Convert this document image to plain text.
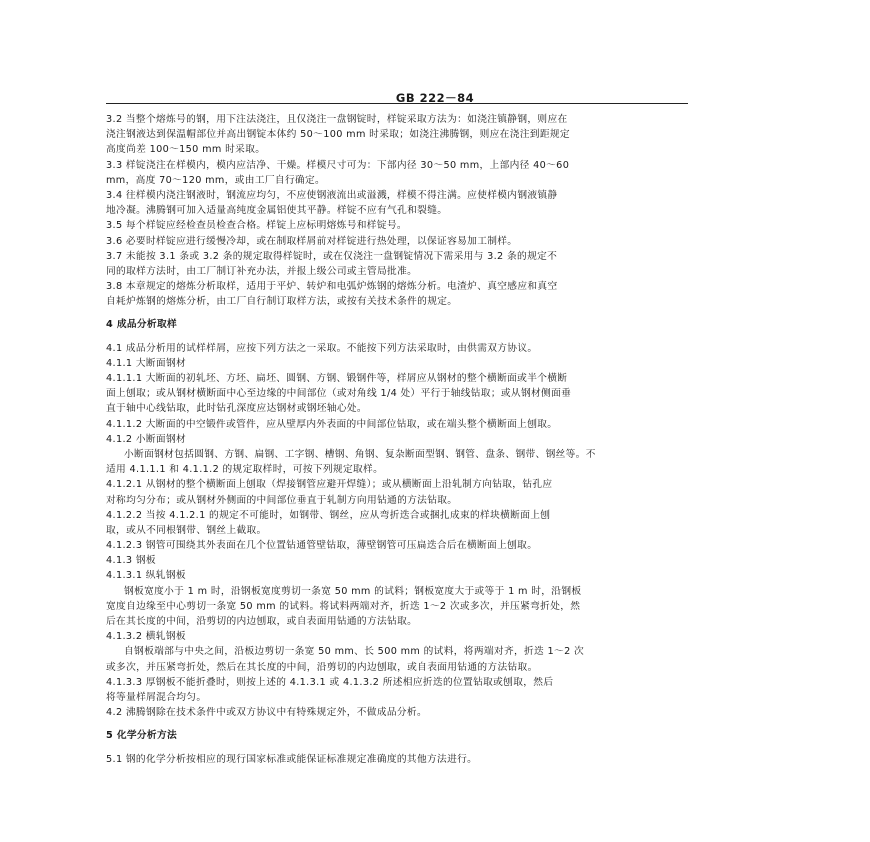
GB 222－84
3.2 当整个熔炼号的钢，用下注法浇注，且仅浇注一盘钢锭时，样锭采取方法为：如浇注镇静钢，则应在
浇注钢液达到保温帽部位并高出钢锭本体约 50～100 mm 时采取；如浇注沸腾钢，则应在浇注到距规定
高度尚差 100～150 mm 时采取。
3.3 样锭浇注在样模内，模内应洁净、干燥。样模尺寸可为：下部内径 30～50 mm，上部内径 40～60
mm，高度 70～120 mm，或由工厂自行确定。
3.4 往样模内浇注钢液时，钢流应均匀，不应使钢液流出或溢溅，样模不得注满。应使样模内钢液镇静
地冷凝。沸腾钢可加入适量高纯度金属铝使其平静。样锭不应有气孔和裂缝。
3.5 每个样锭应经检查员检查合格。样锭上应标明熔炼号和样锭号。
3.6 必要时样锭应进行缓慢冷却，或在制取样屑前对样锭进行热处理，以保证容易加工制样。
3.7 未能按 3.1 条或 3.2 条的规定取得样锭时，或在仅浇注一盘钢锭情况下需采用与 3.2 条的规定不
同的取样方法时，由工厂制订补充办法，并报上级公司或主管局批准。
3.8 本章规定的熔炼分析取样，适用于平炉、转炉和电弧炉炼钢的熔炼分析。电渣炉、真空感应和真空
自耗炉炼钢的熔炼分析，由工厂自行制订取样方法，或按有关技术条件的规定。
4 成品分析取样
4.1 成品分析用的试样样屑，应按下列方法之一采取。不能按下列方法采取时，由供需双方协议。
4.1.1 大断面钢材
4.1.1.1 大断面的初轧坯、方坯、扁坯、圆钢、方钢、锻钢件等，样屑应从钢材的整个横断面或半个横断
面上刨取；或从钢材横断面中心至边缘的中间部位（或对角线 1/4 处）平行于轴线钻取；或从钢材侧面垂
直于轴中心线钻取，此时钻孔深度应达钢材或钢坯轴心处。
4.1.1.2 大断面的中空锻件或管件，应从壁厚内外表面的中间部位钻取，或在端头整个横断面上刨取。
4.1.2 小断面钢材
小断面钢材包括圆钢、方钢、扁钢、工字钢、槽钢、角钢、复杂断面型钢、钢管、盘条、钢带、钢丝等。不
适用 4.1.1.1 和 4.1.1.2 的规定取样时，可按下列规定取样。
4.1.2.1 从钢材的整个横断面上刨取（焊接钢管应避开焊缝）；或从横断面上沿轧制方向钻取，钻孔应
对称均匀分布；或从钢材外侧面的中间部位垂直于轧制方向用钻通的方法钻取。
4.1.2.2 当按 4.1.2.1 的规定不可能时，如钢带、钢丝，应从弯折迭合或捆扎成束的样块横断面上刨
取，或从不同根钢带、钢丝上截取。
4.1.2.3 钢管可围绕其外表面在几个位置钻通管壁钻取，薄壁钢管可压扁迭合后在横断面上刨取。
4.1.3 钢板
4.1.3.1 纵轧钢板
钢板宽度小于 1 m 时，沿钢板宽度剪切一条宽 50 mm 的试料；钢板宽度大于或等于 1 m 时，沿钢板
宽度自边缘至中心剪切一条宽 50 mm 的试料。将试料两端对齐，折迭 1～2 次或多次，并压紧弯折处，然
后在其长度的中间，沿剪切的内边刨取，或自表面用钻通的方法钻取。
4.1.3.2 横轧钢板
自钢板端部与中央之间，沿板边剪切一条宽 50 mm、长 500 mm 的试料，将两端对齐，折迭 1～2 次
或多次，并压紧弯折处，然后在其长度的中间，沿剪切的内边刨取，或自表面用钻通的方法钻取。
4.1.3.3 厚钢板不能折叠时，则按上述的 4.1.3.1 或 4.1.3.2 所述相应折迭的位置钻取或刨取，然后
将等量样屑混合均匀。
4.2 沸腾钢除在技术条件中或双方协议中有特殊规定外，不做成品分析。
5 化学分析方法
5.1 钢的化学分析按相应的现行国家标准或能保证标准规定准确度的其他方法进行。
